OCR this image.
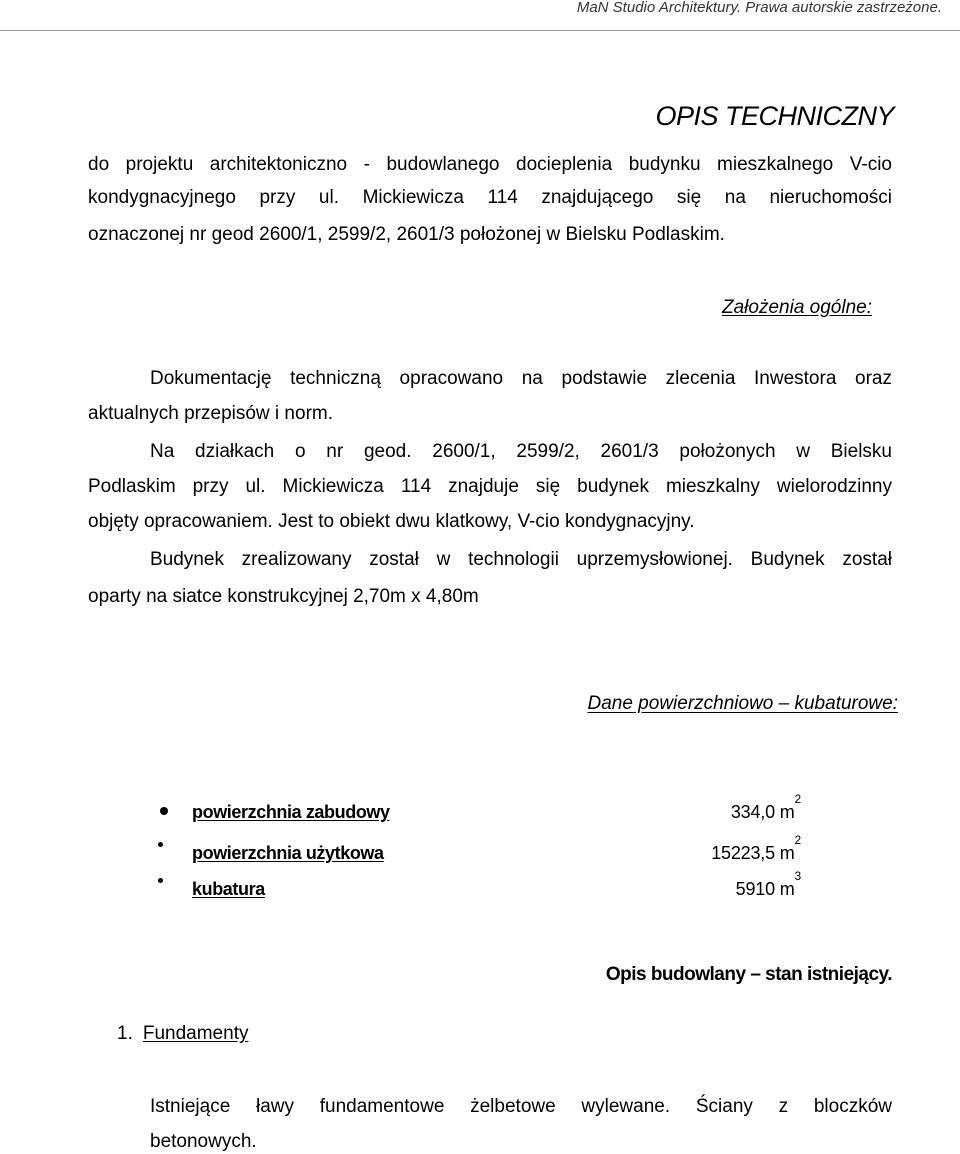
MaN Studio Architektury. Prawa autorskie zastrzeżone.
OPIS TECHNICZNY
do projektu architektoniczno - budowlanego docieplenia budynku mieszkalnego V-cio
kondygnacyjnego przy ul. Mickiewicza 114 znajdującego się na nieruchomości
oznaczonej nr geod 2600/1, 2599/2, 2601/3 położonej w Bielsku Podlaskim.
Założenia ogólne:
Dokumentację techniczną opracowano na podstawie zlecenia Inwestora oraz
aktualnych przepisów i norm.
Na działkach o nr geod. 2600/1, 2599/2, 2601/3 położonych w Bielsku
Podlaskim przy ul. Mickiewicza 114 znajduje się budynek mieszkalny wielorodzinny
objęty opracowaniem. Jest to obiekt dwu klatkowy, V-cio kondygnacyjny.
Budynek zrealizowany został w technologii uprzemysłowionej. Budynek został
oparty na siatce konstrukcyjnej 2,70m x 4,80m
Dane powierzchniowo – kubaturowe:
powierzchnia zabudowy	334,0 $m^2$
powierzchnia użytkowa	15223,5 $m^2$
kubatura	5910 $m^3$
Opis budowlany – stan istniejący.
1. Fundamenty
Istniejące ławy fundamentowe żelbetowe wylewane. Ściany z bloczków
betonowych.
